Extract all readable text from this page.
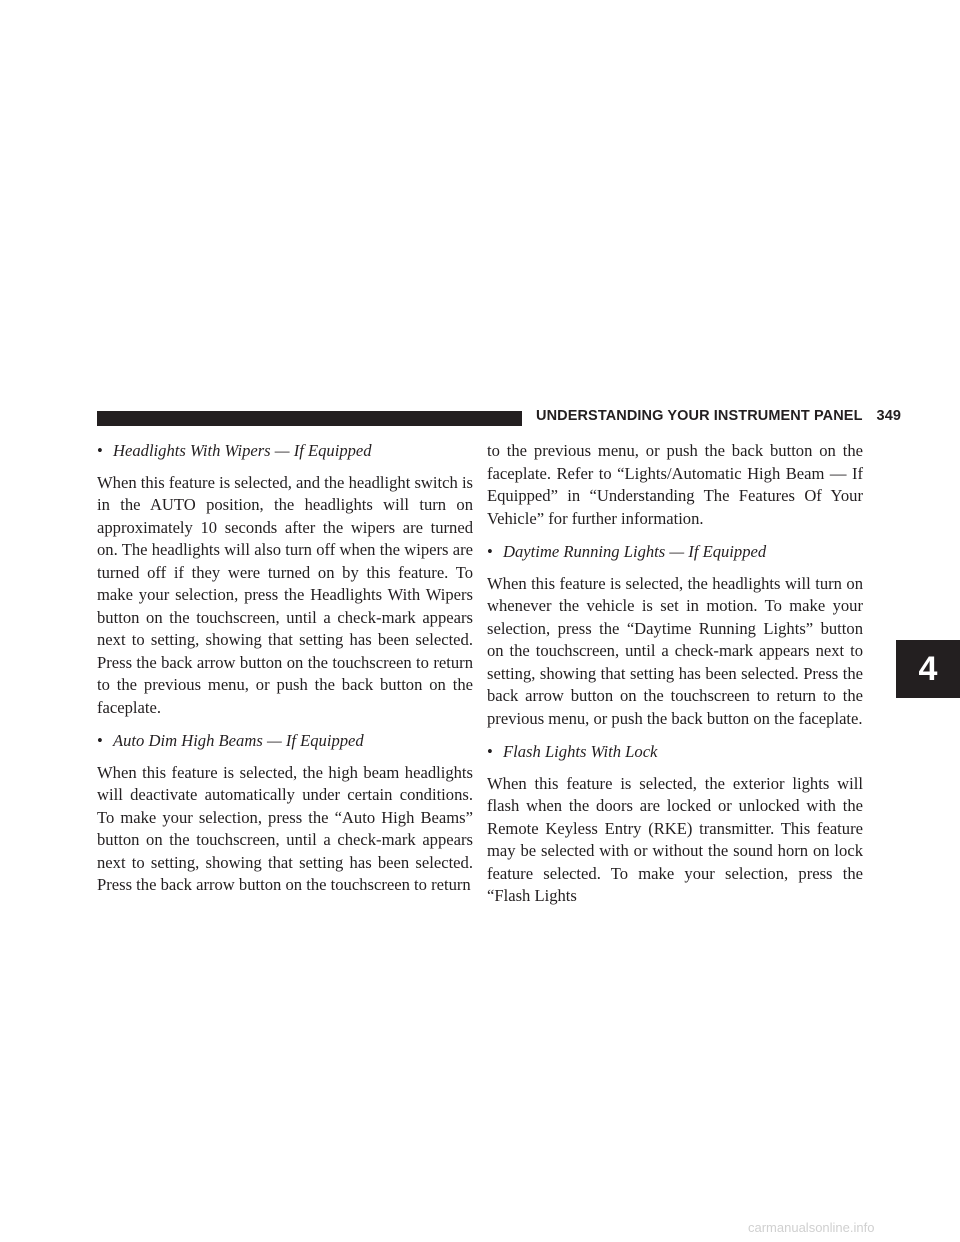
UNDERSTANDING YOUR INSTRUMENT PANEL 349
• Headlights With Wipers — If Equipped

When this feature is selected, and the headlight switch is in the AUTO position, the headlights will turn on approximately 10 seconds after the wipers are turned on. The headlights will also turn off when the wipers are turned off if they were turned on by this feature. To make your selection, press the Headlights With Wipers button on the touchscreen, until a check-mark appears next to setting, showing that setting has been selected. Press the back arrow button on the touchscreen to return to the previous menu, or push the back button on the faceplate.

• Auto Dim High Beams — If Equipped

When this feature is selected, the high beam headlights will deactivate automatically under certain conditions. To make your selection, press the “Auto High Beams” button on the touchscreen, until a check-mark appears next to setting, showing that setting has been selected. Press the back arrow button on the touchscreen to return

to the previous menu, or push the back button on the faceplate. Refer to “Lights/Automatic High Beam — If Equipped” in “Understanding The Features Of Your Vehicle” for further information.

• Daytime Running Lights — If Equipped

When this feature is selected, the headlights will turn on whenever the vehicle is set in motion. To make your selection, press the “Daytime Running Lights” button on the touchscreen, until a check-mark appears next to setting, showing that setting has been selected. Press the back arrow button on the touchscreen to return to the previous menu, or push the back button on the faceplate.

• Flash Lights With Lock

When this feature is selected, the exterior lights will flash when the doors are locked or unlocked with the Remote Keyless Entry (RKE) transmitter. This feature may be selected with or without the sound horn on lock feature selected. To make your selection, press the “Flash Lights

4
carmanualsonline.info
